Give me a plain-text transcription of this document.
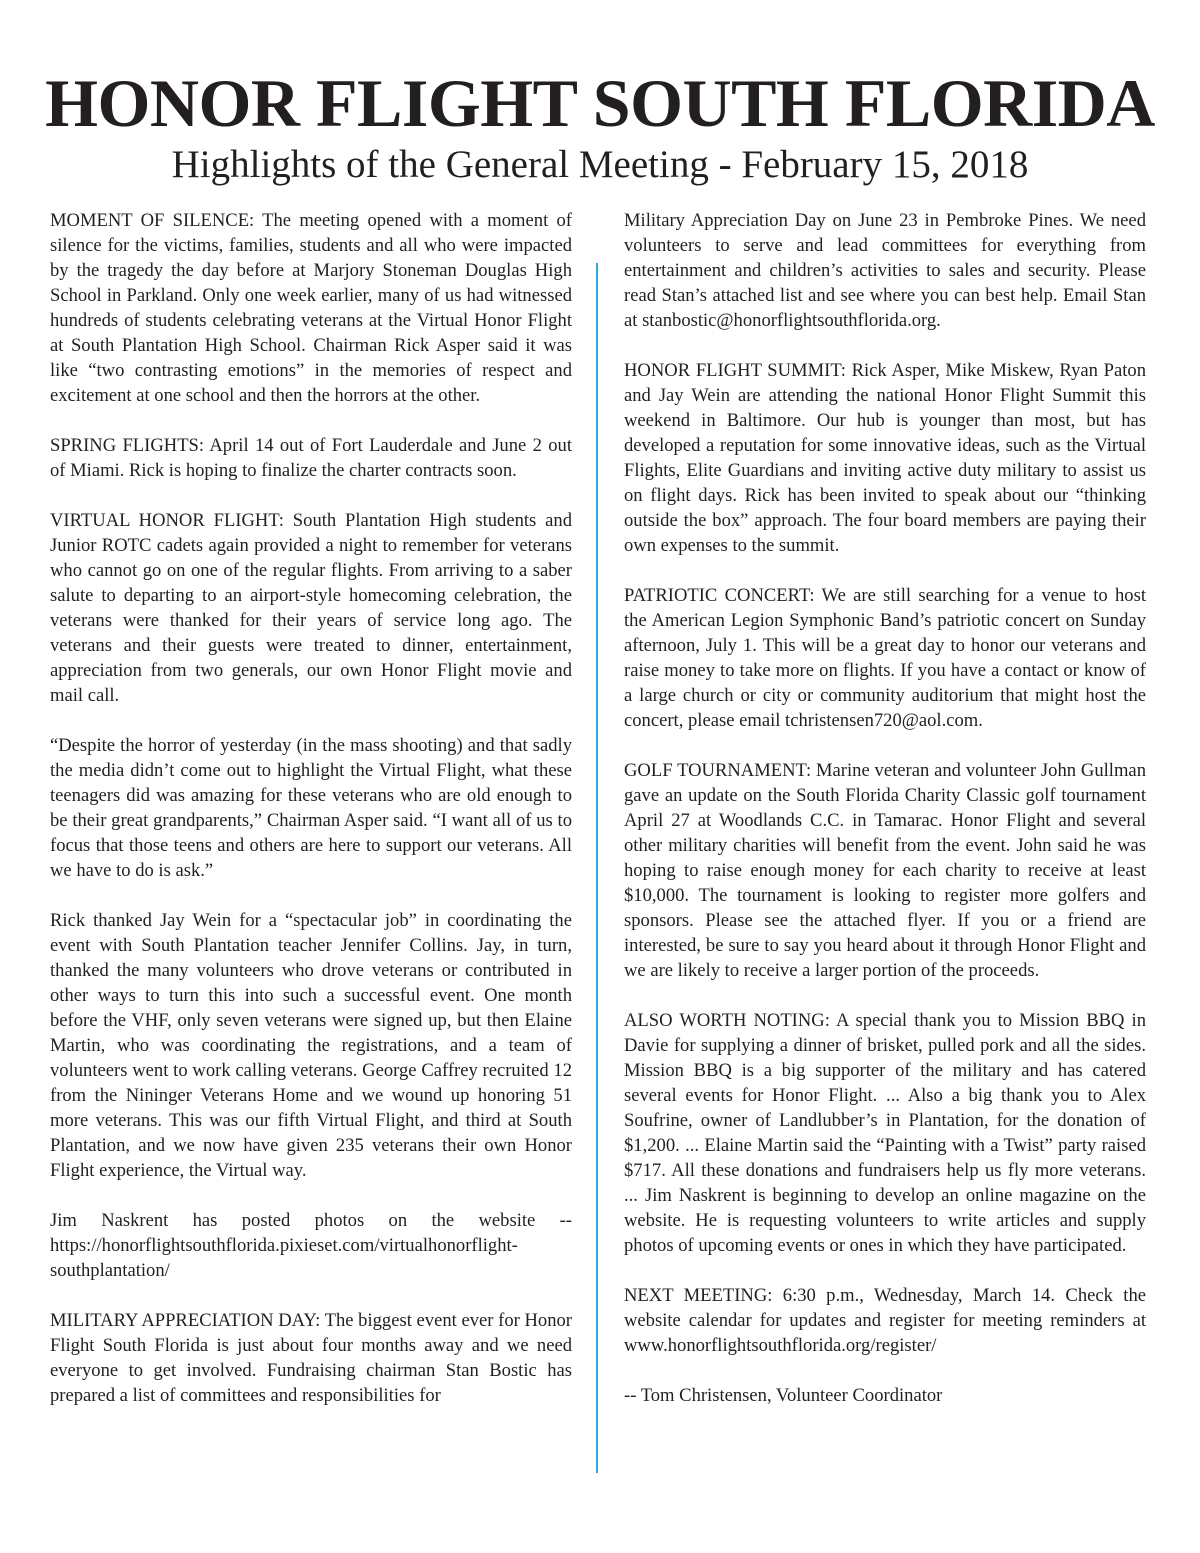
HONOR FLIGHT SOUTH FLORIDA
Highlights of the General Meeting - February 15, 2018

MOMENT OF SILENCE: The meeting opened with a moment of silence for the victims, families, students and all who were impacted by the tragedy the day before at Marjory Stoneman Douglas High School in Parkland. Only one week earlier, many of us had witnessed hundreds of students celebrating veterans at the Virtual Honor Flight at South Plantation High School. Chairman Rick Asper said it was like “two contrasting emotions” in the memories of respect and excitement at one school and then the horrors at the other.

SPRING FLIGHTS: April 14 out of Fort Lauderdale and June 2 out of Miami. Rick is hoping to finalize the charter contracts soon.

VIRTUAL HONOR FLIGHT: South Plantation High students and Junior ROTC cadets again provided a night to remember for veterans who cannot go on one of the regular flights. From arriving to a saber salute to departing to an airport-style homecoming celebration, the veterans were thanked for their years of service long ago. The veterans and their guests were treated to dinner, entertainment, appreciation from two generals, our own Honor Flight movie and mail call.

“Despite the horror of yesterday (in the mass shooting) and that sadly the media didn’t come out to highlight the Virtual Flight, what these teenagers did was amazing for these veterans who are old enough to be their great grandparents,” Chairman Asper said. “I want all of us to focus that those teens and others are here to support our veterans. All we have to do is ask.”

Rick thanked Jay Wein for a “spectacular job” in coordinating the event with South Plantation teacher Jennifer Collins. Jay, in turn, thanked the many volunteers who drove veterans or contributed in other ways to turn this into such a successful event. One month before the VHF, only seven veterans were signed up, but then Elaine Martin, who was coordinating the registrations, and a team of volunteers went to work calling veterans. George Caffrey recruited 12 from the Nininger Veterans Home and we wound up honoring 51 more veterans. This was our fifth Virtual Flight, and third at South Plantation, and we now have given 235 veterans their own Honor Flight experience, the Virtual way.

Jim Naskrent has posted photos on the website -- https://honorflightsouthflorida.pixieset.com/virtualhonorflight-southplantation/

MILITARY APPRECIATION DAY: The biggest event ever for Honor Flight South Florida is just about four months away and we need everyone to get involved. Fundraising chairman Stan Bostic has prepared a list of committees and responsibilities for

Military Appreciation Day on June 23 in Pembroke Pines. We need volunteers to serve and lead committees for everything from entertainment and children’s activities to sales and security. Please read Stan’s attached list and see where you can best help. Email Stan at stanbostic@honorflightsouthflorida.org.

HONOR FLIGHT SUMMIT: Rick Asper, Mike Miskew, Ryan Paton and Jay Wein are attending the national Honor Flight Summit this weekend in Baltimore. Our hub is younger than most, but has developed a reputation for some innovative ideas, such as the Virtual Flights, Elite Guardians and inviting active duty military to assist us on flight days. Rick has been invited to speak about our “thinking outside the box” approach. The four board members are paying their own expenses to the summit.

PATRIOTIC CONCERT: We are still searching for a venue to host the American Legion Symphonic Band’s patriotic concert on Sunday afternoon, July 1. This will be a great day to honor our veterans and raise money to take more on flights. If you have a contact or know of a large church or city or community auditorium that might host the concert, please email tchristensen720@aol.com.

GOLF TOURNAMENT: Marine veteran and volunteer John Gullman gave an update on the South Florida Charity Classic golf tournament April 27 at Woodlands C.C. in Tamarac. Honor Flight and several other military charities will benefit from the event. John said he was hoping to raise enough money for each charity to receive at least $10,000. The tournament is looking to register more golfers and sponsors. Please see the attached flyer. If you or a friend are interested, be sure to say you heard about it through Honor Flight and we are likely to receive a larger portion of the proceeds.

ALSO WORTH NOTING: A special thank you to Mission BBQ in Davie for supplying a dinner of brisket, pulled pork and all the sides. Mission BBQ is a big supporter of the military and has catered several events for Honor Flight. ... Also a big thank you to Alex Soufrine, owner of Landlubber’s in Plantation, for the donation of $1,200. ... Elaine Martin said the “Painting with a Twist” party raised $717. All these donations and fundraisers help us fly more veterans. ... Jim Naskrent is beginning to develop an online magazine on the website. He is requesting volunteers to write articles and supply photos of upcoming events or ones in which they have participated.

NEXT MEETING: 6:30 p.m., Wednesday, March 14. Check the website calendar for updates and register for meeting reminders at www.honorflightsouthflorida.org/register/

-- Tom Christensen, Volunteer Coordinator
